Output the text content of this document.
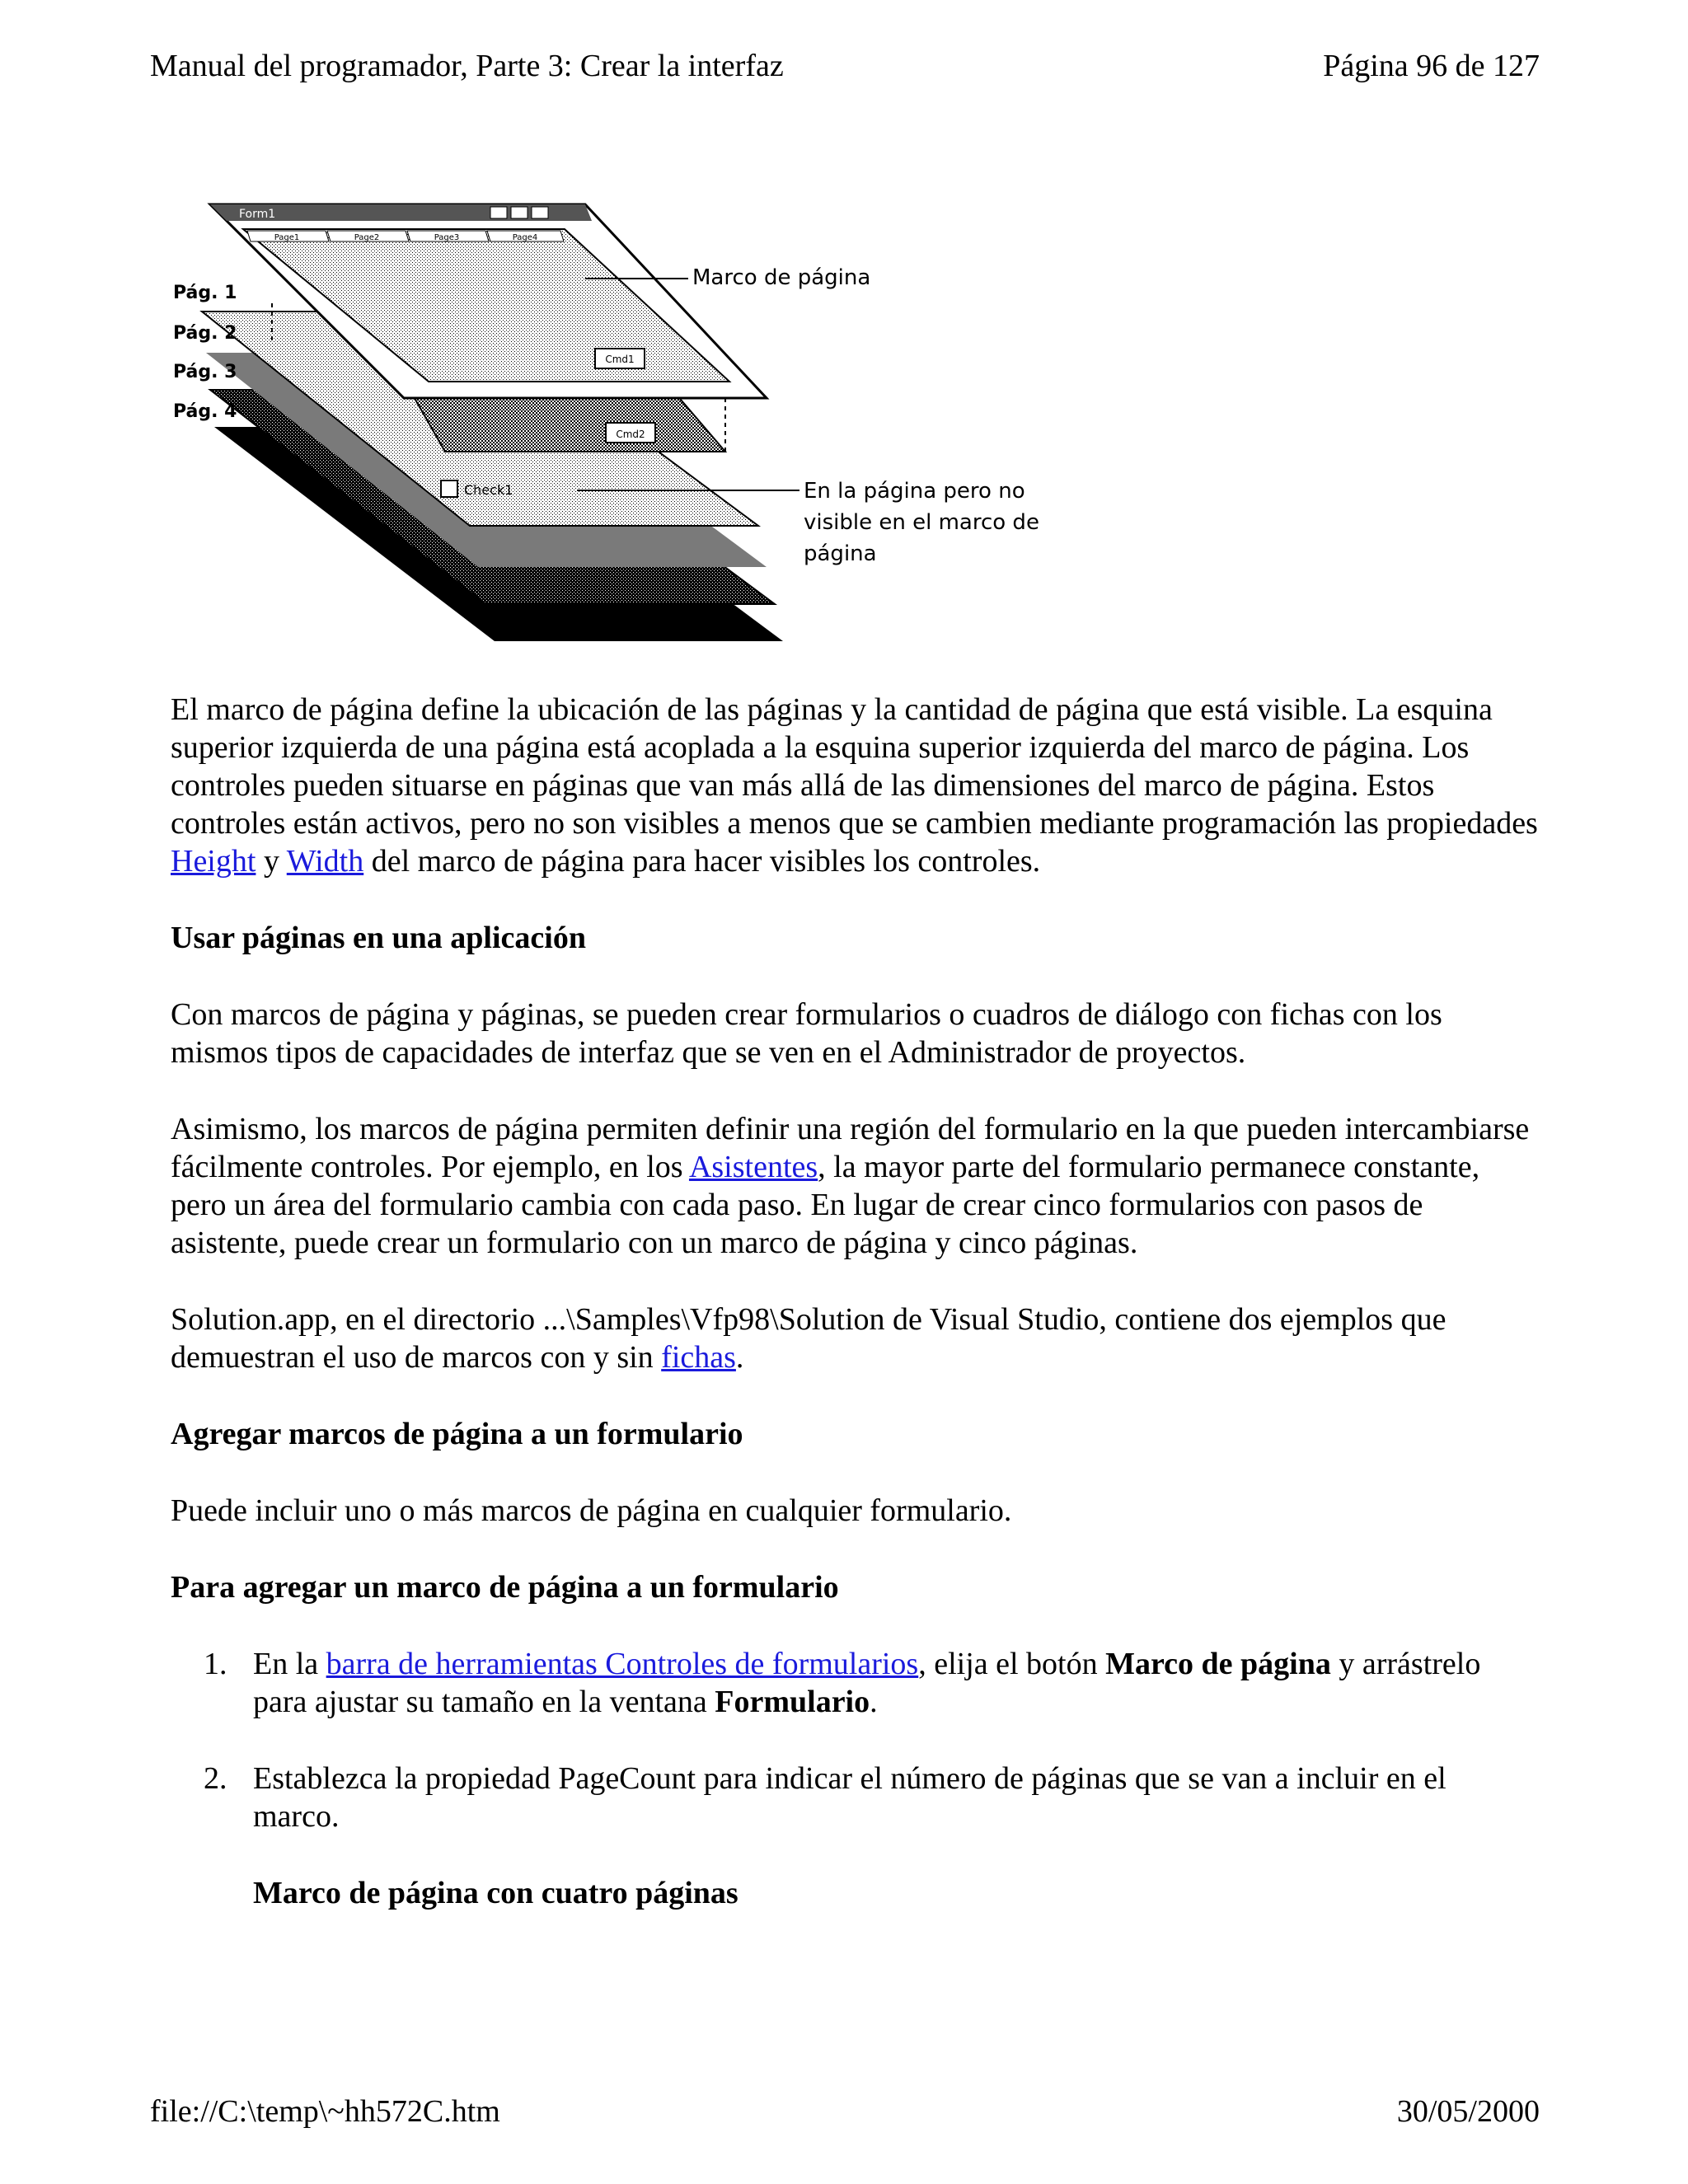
Manual del programador, Parte 3: Crear la interfaz	Página 96 de 127
Cmd2
Check1
Form1
Page1	Page2	Page3	Page4
Cmd1
Pág. 1
Pág. 2
Pág. 3
Pág. 4
Marco de página
En la página pero no visible en el marco de página

El marco de página define la ubicación de las páginas y la cantidad de página que está visible. La esquina superior izquierda de una página está acoplada a la esquina superior izquierda del marco de página. Los controles pueden situarse en páginas que van más allá de las dimensiones del marco de página. Estos controles están activos, pero no son visibles a menos que se cambien mediante programación las propiedades Height y Width del marco de página para hacer visibles los controles.

Usar páginas en una aplicación

Con marcos de página y páginas, se pueden crear formularios o cuadros de diálogo con fichas con los mismos tipos de capacidades de interfaz que se ven en el Administrador de proyectos.

Asimismo, los marcos de página permiten definir una región del formulario en la que pueden intercambiarse fácilmente controles. Por ejemplo, en los Asistentes, la mayor parte del formulario permanece constante, pero un área del formulario cambia con cada paso. En lugar de crear cinco formularios con pasos de asistente, puede crear un formulario con un marco de página y cinco páginas.

Solution.app, en el directorio ...\Samples\Vfp98\Solution de Visual Studio, contiene dos ejemplos que demuestran el uso de marcos con y sin fichas.

Agregar marcos de página a un formulario

Puede incluir uno o más marcos de página en cualquier formulario.

Para agregar un marco de página a un formulario
1. En la barra de herramientas Controles de formularios, elija el botón Marco de página y arrástrelo para ajustar su tamaño en la ventana Formulario.
2. Establezca la propiedad PageCount para indicar el número de páginas que se van a incluir en el marco.
Marco de página con cuatro páginas
file://C:\temp\~hh572C.htm	30/05/2000
